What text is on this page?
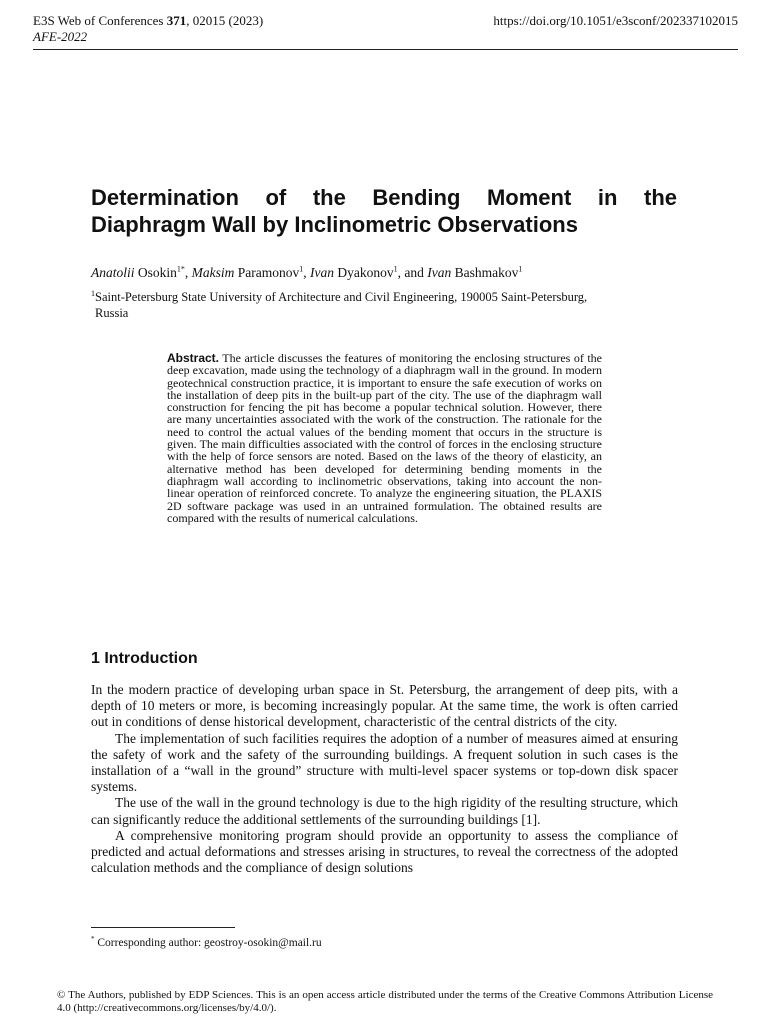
E3S Web of Conferences 371, 02015 (2023)
AFE-2022
https://doi.org/10.1051/e3sconf/202337102015
Determination of the Bending Moment in the
Diaphragm Wall by Inclinometric Observations
Anatolii Osokin$^{1*}$, Maksim Paramonov$^1$, Ivan Dyakonov$^1$, and Ivan Bashmakov$^1$
$^1$Saint-Petersburg State University of Architecture and Civil Engineering, 190005 Saint-Petersburg,
Russia
Abstract. The article discusses the features of monitoring the enclosing structures of the deep excavation, made using the technology of a diaphragm wall in the ground. In modern geotechnical construction practice, it is important to ensure the safe execution of works on the installation of deep pits in the built-up part of the city. The use of the diaphragm wall construction for fencing the pit has become a popular technical solution. However, there are many uncertainties associated with the work of the construction. The rationale for the need to control the actual values of the bending moment that occurs in the structure is given. The main difficulties associated with the control of forces in the enclosing structure with the help of force sensors are noted. Based on the laws of the theory of elasticity, an alternative method has been developed for determining bending moments in the diaphragm wall according to inclinometric observations, taking into account the non-linear operation of reinforced concrete. To analyze the engineering situation, the PLAXIS 2D software package was used in an untrained formulation. The obtained results are compared with the results of numerical calculations.
1 Introduction

In the modern practice of developing urban space in St. Petersburg, the arrangement of deep pits, with a depth of 10 meters or more, is becoming increasingly popular. At the same time, the work is often carried out in conditions of dense historical development, characteristic of the central districts of the city.

The implementation of such facilities requires the adoption of a number of measures aimed at ensuring the safety of work and the safety of the surrounding buildings. A frequent solution in such cases is the installation of a “wall in the ground” structure with multi-level spacer systems or top-down disk spacer systems.

The use of the wall in the ground technology is due to the high rigidity of the resulting structure, which can significantly reduce the additional settlements of the surrounding buildings [1].

A comprehensive monitoring program should provide an opportunity to assess the compliance of predicted and actual deformations and stresses arising in structures, to reveal the correctness of the adopted calculation methods and the compliance of design solutions

* Corresponding author: geostroy-osokin@mail.ru
© The Authors, published by EDP Sciences. This is an open access article distributed under the terms of the Creative Commons Attribution License 4.0 (http://creativecommons.org/licenses/by/4.0/).
